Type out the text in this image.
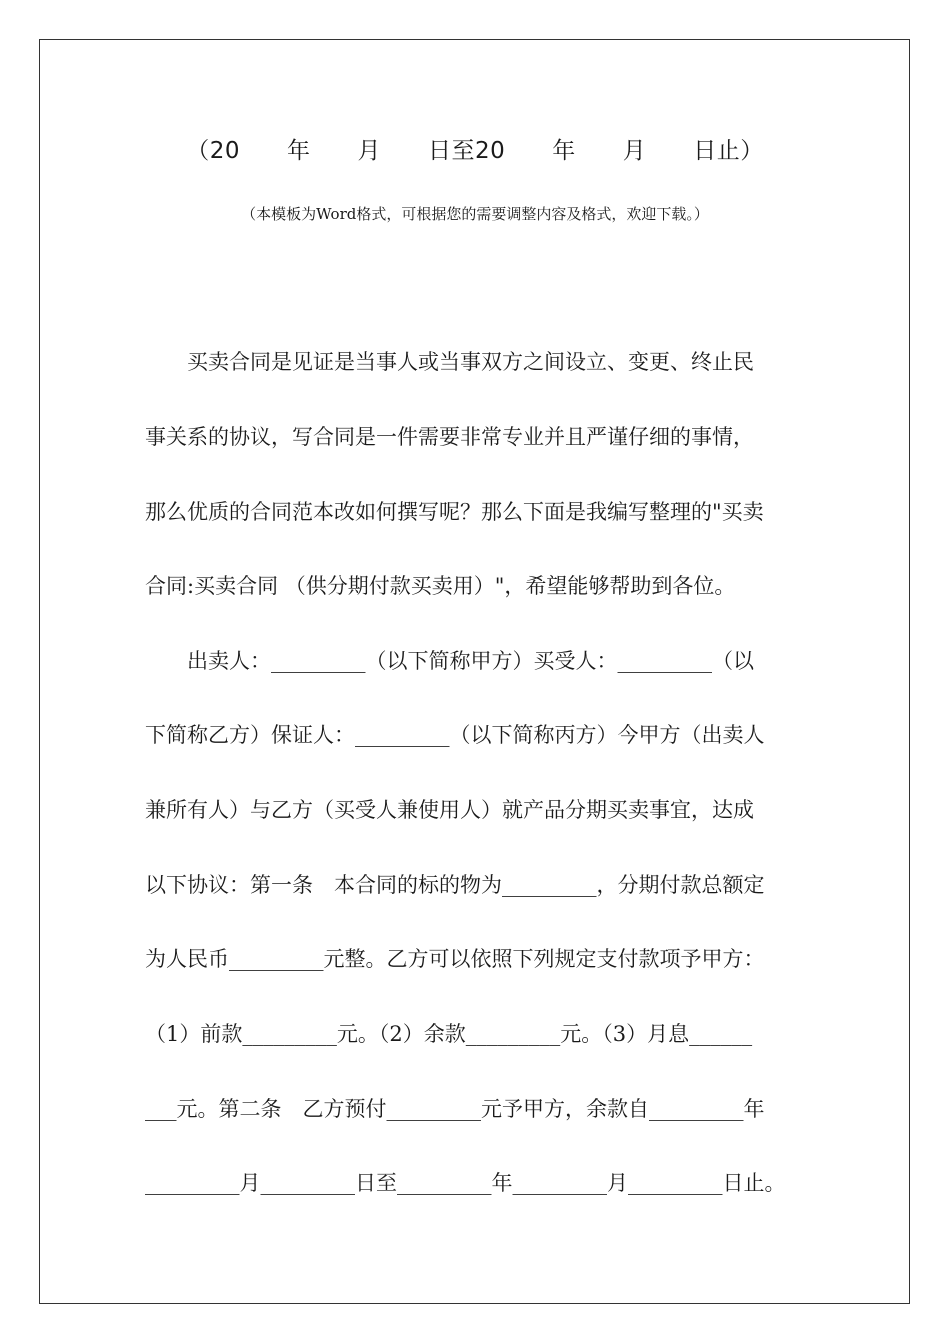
（20　　年　　月　　日至20　　年　　月　　日止）
（本模板为Word格式，可根据您的需要调整内容及格式，欢迎下载。）
　　买卖合同是见证是当事人或当事双方之间设立、变更、终止民
事关系的协议，写合同是一件需要非常专业并且严谨仔细的事情，
那么优质的合同范本改如何撰写呢？那么下面是我编写整理的"买卖
合同:买卖合同 （供分期付款买卖用）"，希望能够帮助到各位。
　　出卖人：_________（以下简称甲方）买受人：_________（以
下简称乙方）保证人：_________（以下简称丙方）今甲方（出卖人
兼所有人）与乙方（买受人兼使用人）就产品分期买卖事宜，达成
以下协议：第一条　本合同的标的物为_________，分期付款总额定
为人民币_________元整。乙方可以依照下列规定支付款项予甲方：
（1）前款_________元。（2）余款_________元。（3）月息______
___元。第二条　乙方预付_________元予甲方，余款自_________年
_________月_________日至_________年_________月_________日止。
